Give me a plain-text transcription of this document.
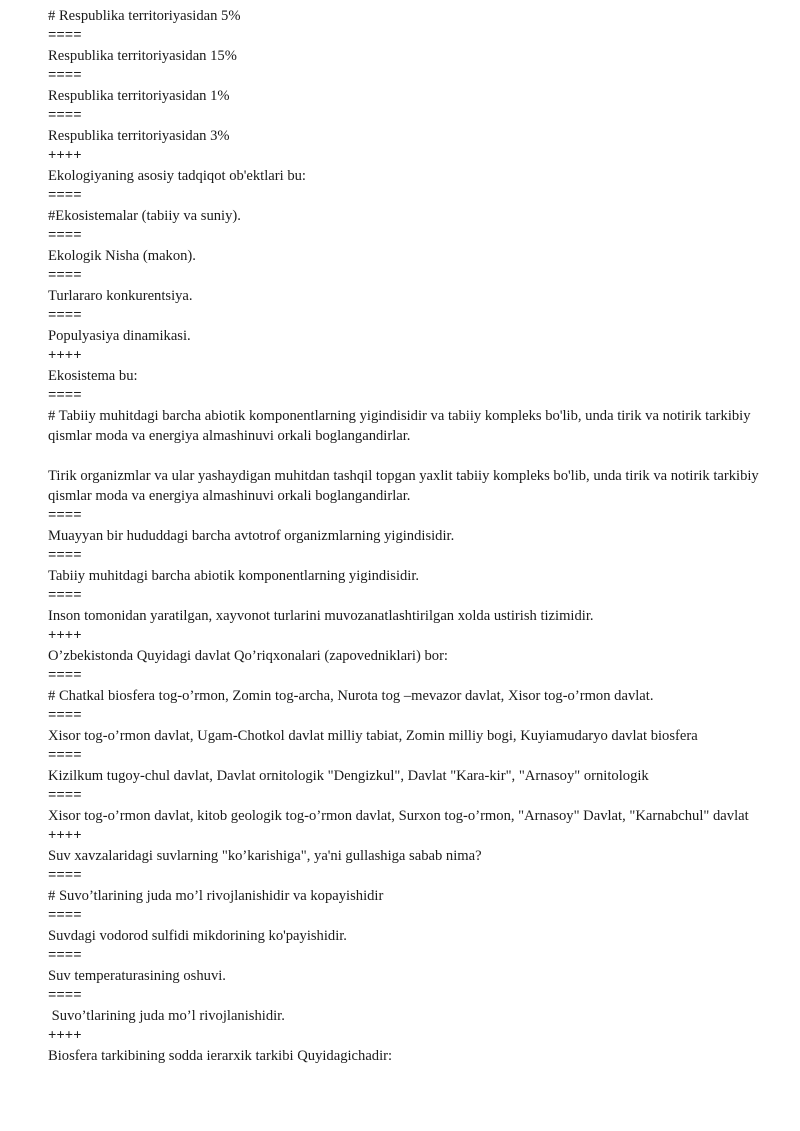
# Respublika territoriyasidan 5%

====

Respublika territoriyasidan 15%

====

Respublika territoriyasidan 1%

====

Respublika territoriyasidan 3%

++++

Ekologiyaning asosiy tadqiqot ob'ektlari bu:

====

#Ekosistemalar (tabiiy va suniy).

====

Ekologik Nisha (makon).

====

Turlararo konkurentsiya.

====

Populyasiya dinamikasi.

++++

Ekosistema bu:

====

# Tabiiy muhitdagi barcha abiotik komponentlarning yigindisidir va tabiiy kompleks bo'lib, unda tirik va notirik tarkibiy qismlar moda va energiya almashinuvi orkali boglangandirlar.

Tirik organizmlar va ular yashaydigan muhitdan tashqil topgan yaxlit tabiiy kompleks bo'lib, unda tirik va notirik tarkibiy qismlar moda va energiya almashinuvi orkali boglangandirlar.

====

Muayyan bir hududdagi barcha avtotrof organizmlarning yigindisidir.

====

Tabiiy muhitdagi barcha abiotik komponentlarning yigindisidir.

====

Inson tomonidan yaratilgan, xayvonot turlarini muvozanatlashtirilgan xolda ustirish tizimidir.

++++

O’zbekistonda Quyidagi davlat Qo’riqxonalari (zapovedniklari) bor:

====

# Chatkal biosfera tog-o’rmon, Zomin tog-archa, Nurota tog –mevazor davlat, Xisor tog-o’rmon davlat.

====

Xisor tog-o’rmon davlat, Ugam-Chotkol davlat milliy tabiat, Zomin milliy bogi, Kuyiamudaryo davlat biosfera

====

Kizilkum tugoy-chul davlat, Davlat ornitologik "Dengizkul", Davlat "Kara-kir", "Arnasoy" ornitologik

====

Xisor tog-o’rmon davlat, kitob geologik tog-o’rmon davlat, Surxon tog-o’rmon, "Arnasoy" Davlat, "Karnabchul" davlat

++++

Suv xavzalaridagi suvlarning "ko’karishiga", ya'ni gullashiga sabab nima?

====

# Suvo’tlarining juda mo’l rivojlanishidir va kopayishidir

====

Suvdagi vodorod sulfidi mikdorining ko'payishidir.

====

Suv temperaturasining oshuvi.

====

Suvo’tlarining juda mo’l rivojlanishidir.

++++

Biosfera tarkibining sodda ierarxik tarkibi Quyidagichadir:
